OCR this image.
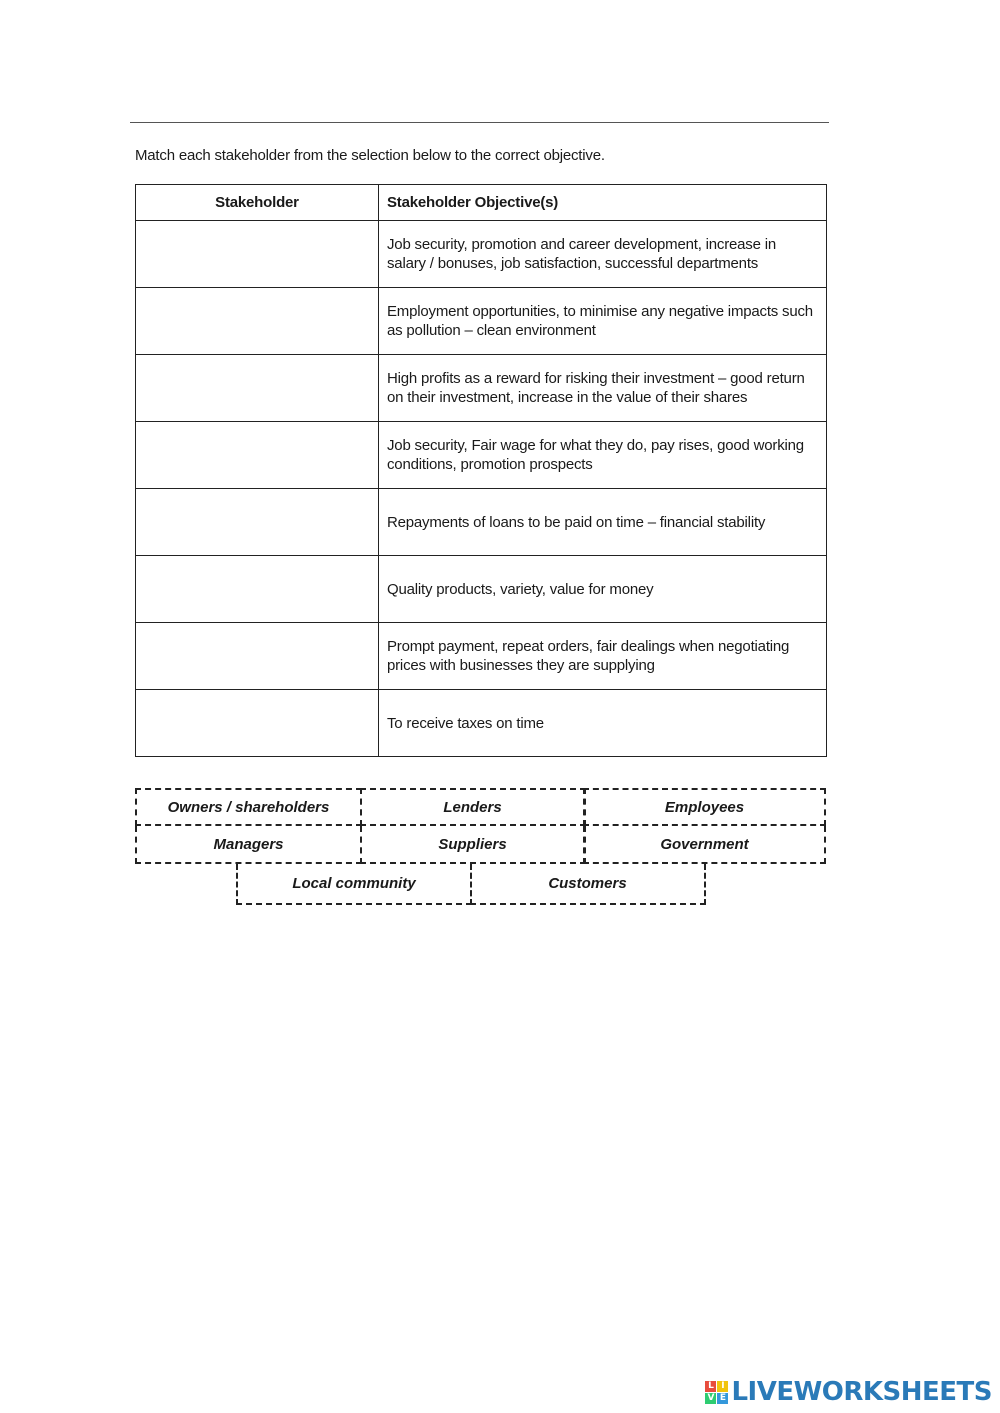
Match each stakeholder from the selection below to the correct objective.
Stakeholder	Stakeholder Objective(s)
	Job security, promotion and career development, increase in salary / bonuses, job satisfaction, successful departments
	Employment opportunities, to minimise any negative impacts such as pollution – clean environment
	High profits as a reward for risking their investment – good return on their investment, increase in the value of their shares
	Job security, Fair wage for what they do, pay rises, good working conditions, promotion prospects
	Repayments of loans to be paid on time – financial stability
	Quality products, variety, value for money
	Prompt payment, repeat orders, fair dealings when negotiating prices with businesses they are supplying
	To receive taxes on time
Owners / shareholders	Lenders	Employees
Managers	Suppliers	Government
Local community	Customers
L I
V E LIVEWORKSHEETS
